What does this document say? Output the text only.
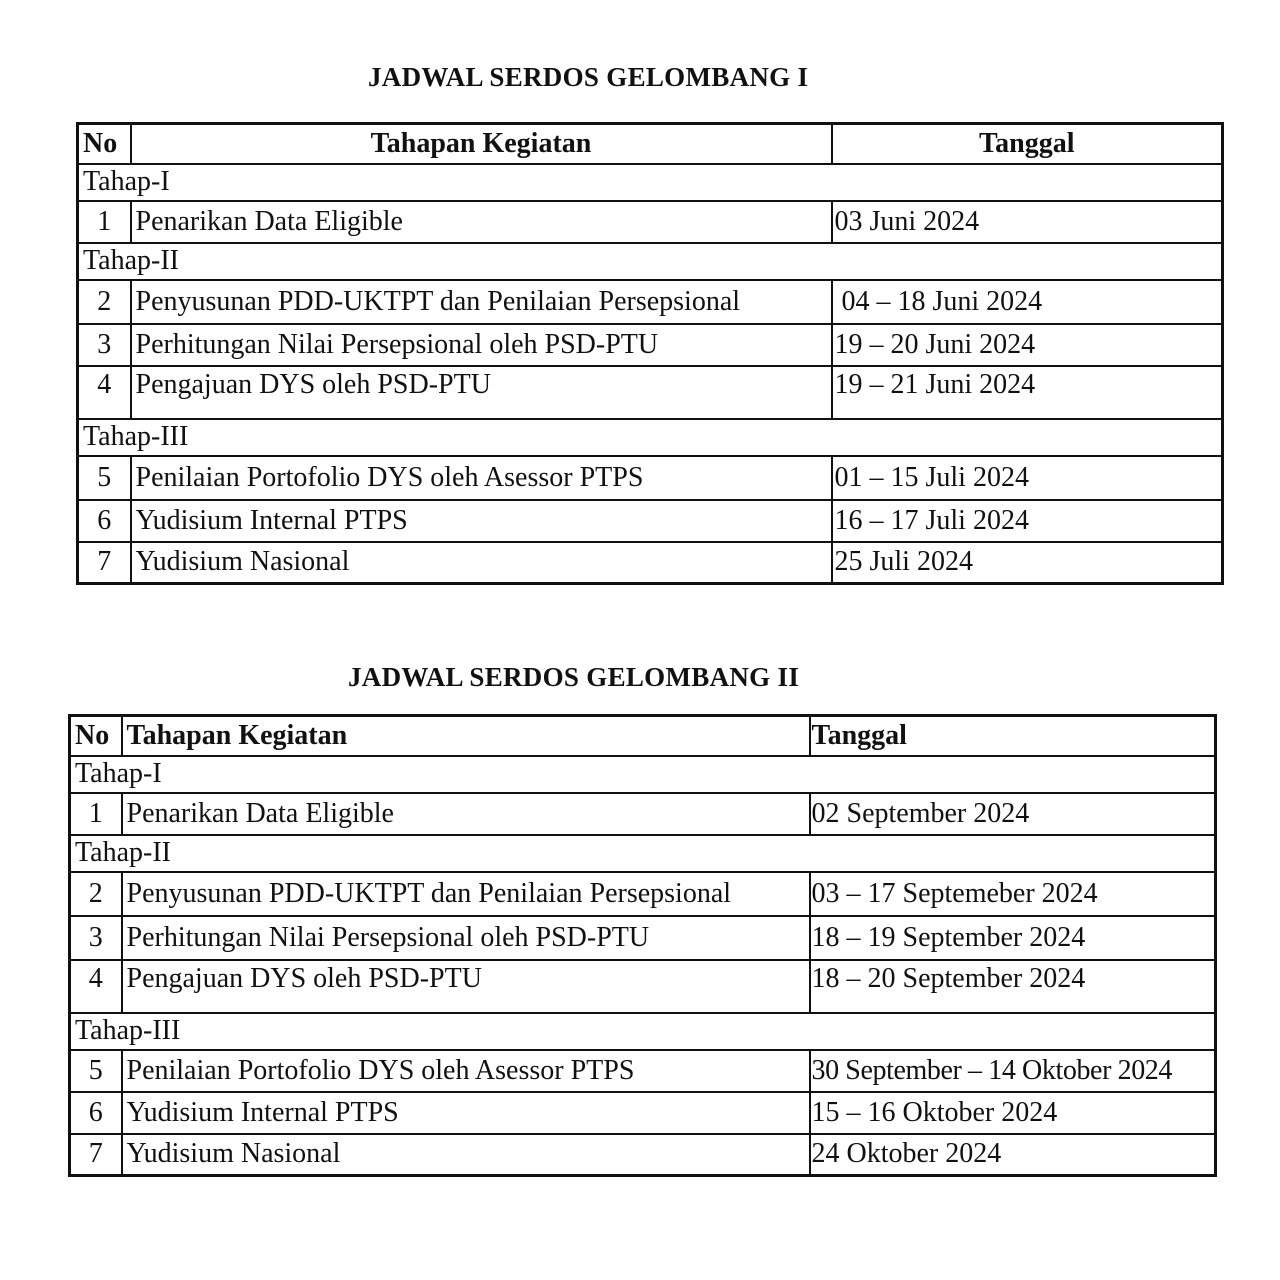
JADWAL SERDOS GELOMBANG I
No	Tahapan Kegiatan	Tanggal
Tahap-I		
1	Penarikan Data Eligible	03 Juni 2024
Tahap-II		
2	Penyusunan PDD-UKTPT dan Penilaian Persepsional	04 – 18 Juni 2024
3	Perhitungan Nilai Persepsional oleh PSD-PTU	19 – 20 Juni 2024
4	Pengajuan DYS oleh PSD-PTU	19 – 21 Juni 2024
Tahap-III		
5	Penilaian Portofolio DYS oleh Asessor PTPS	01 – 15 Juli 2024
6	Yudisium Internal PTPS	16 – 17 Juli 2024
7	Yudisium Nasional	25 Juli 2024
JADWAL SERDOS GELOMBANG II
No	Tahapan Kegiatan	Tanggal
Tahap-I		
1	Penarikan Data Eligible	02 September 2024
Tahap-II		
2	Penyusunan PDD-UKTPT dan Penilaian Persepsional	03 – 17 Septemeber 2024
3	Perhitungan Nilai Persepsional oleh PSD-PTU	18 – 19 September 2024
4	Pengajuan DYS oleh PSD-PTU	18 – 20 September 2024
Tahap-III		
5	Penilaian Portofolio DYS oleh Asessor PTPS	30 September – 14 Oktober 2024
6	Yudisium Internal PTPS	15 – 16 Oktober 2024
7	Yudisium Nasional	24 Oktober 2024
